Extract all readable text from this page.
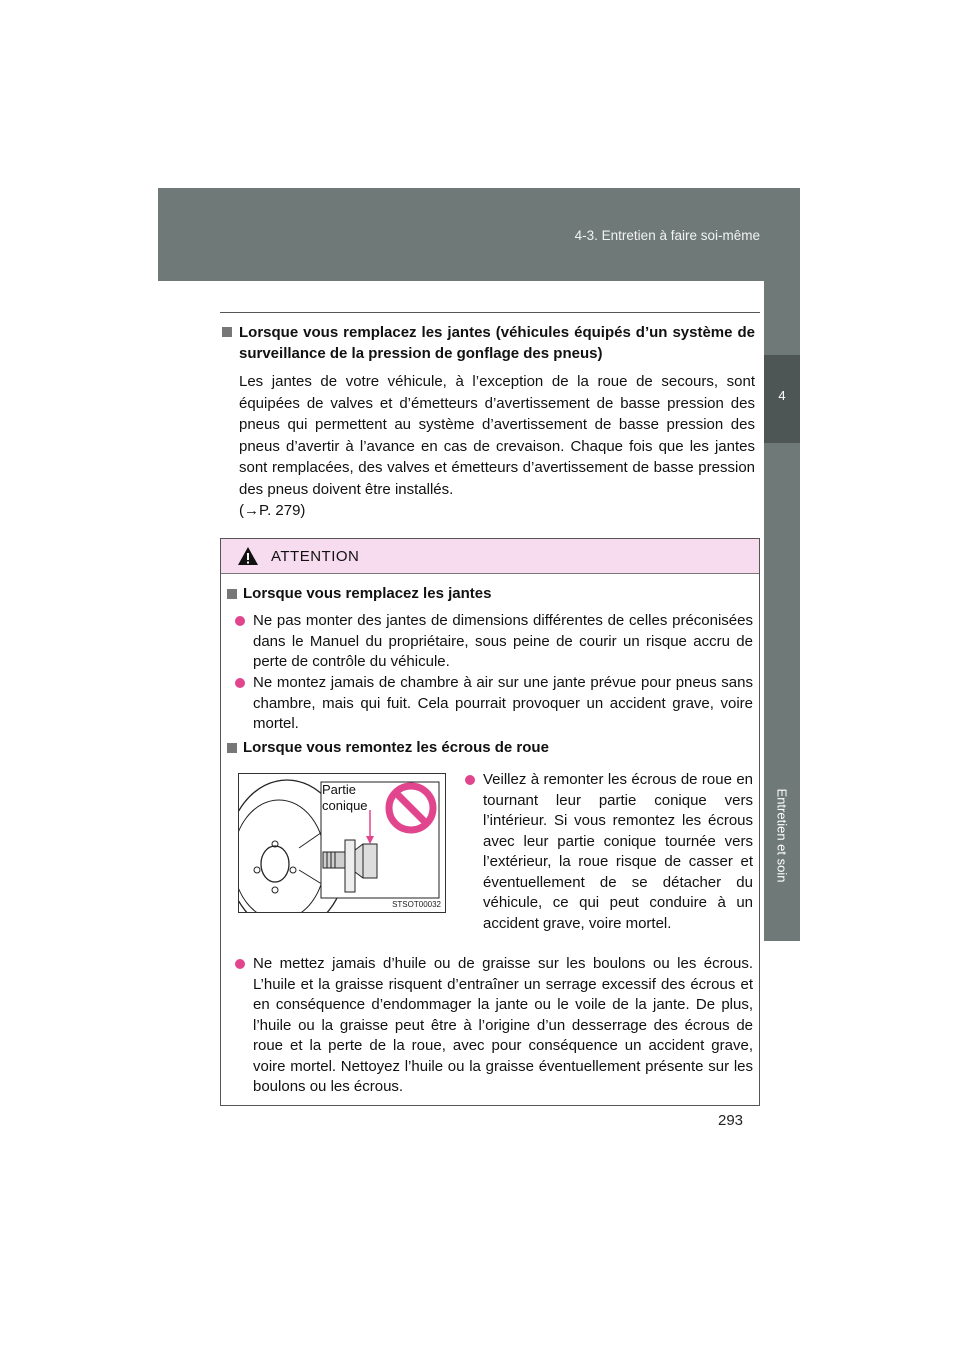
4-3. Entretien à faire soi-même
4
Entretien et soin
Lorsque vous remplacez les jantes (véhicules équipés d’un système de surveillance de la pression de gonflage des pneus)
Les jantes de votre véhicule, à l’exception de la roue de secours, sont équipées de valves et d’émetteurs d’avertissement de basse pression des pneus qui permettent au système d’avertissement de basse pression des pneus d’avertir à l’avance en cas de crevaison. Chaque fois que les jantes sont remplacées, des valves et émetteurs d’avertissement de basse pression des pneus doivent être installés.
(→P. 279)
ATTENTION
Lorsque vous remplacez les jantes
Ne pas monter des jantes de dimensions différentes de celles préconisées dans le Manuel du propriétaire, sous peine de courir un risque accru de perte de contrôle du véhicule.
Ne montez jamais de chambre à air sur une jante prévue pour pneus sans chambre, mais qui fuit. Cela pourrait provoquer un accident grave, voire mortel.
Lorsque vous remontez les écrous de roue
Partie
conique
STSOT00032
Veillez à remonter les écrous de roue en tournant leur partie conique vers l’intérieur. Si vous remontez les écrous avec leur partie conique tournée vers l’extérieur, la roue risque de casser et éventuellement de se détacher du véhicule, ce qui peut conduire à un accident grave, voire mortel.
Ne mettez jamais d’huile ou de graisse sur les boulons ou les écrous. L’huile et la graisse risquent d’entraîner un serrage excessif des écrous et en conséquence d’endommager la jante ou le voile de la jante. De plus, l’huile ou la graisse peut être à l’origine d’un desserrage des écrous de roue et la perte de la roue, avec pour conséquence un accident grave, voire mortel. Nettoyez l’huile ou la graisse éventuellement présente sur les boulons ou les écrous.
293
